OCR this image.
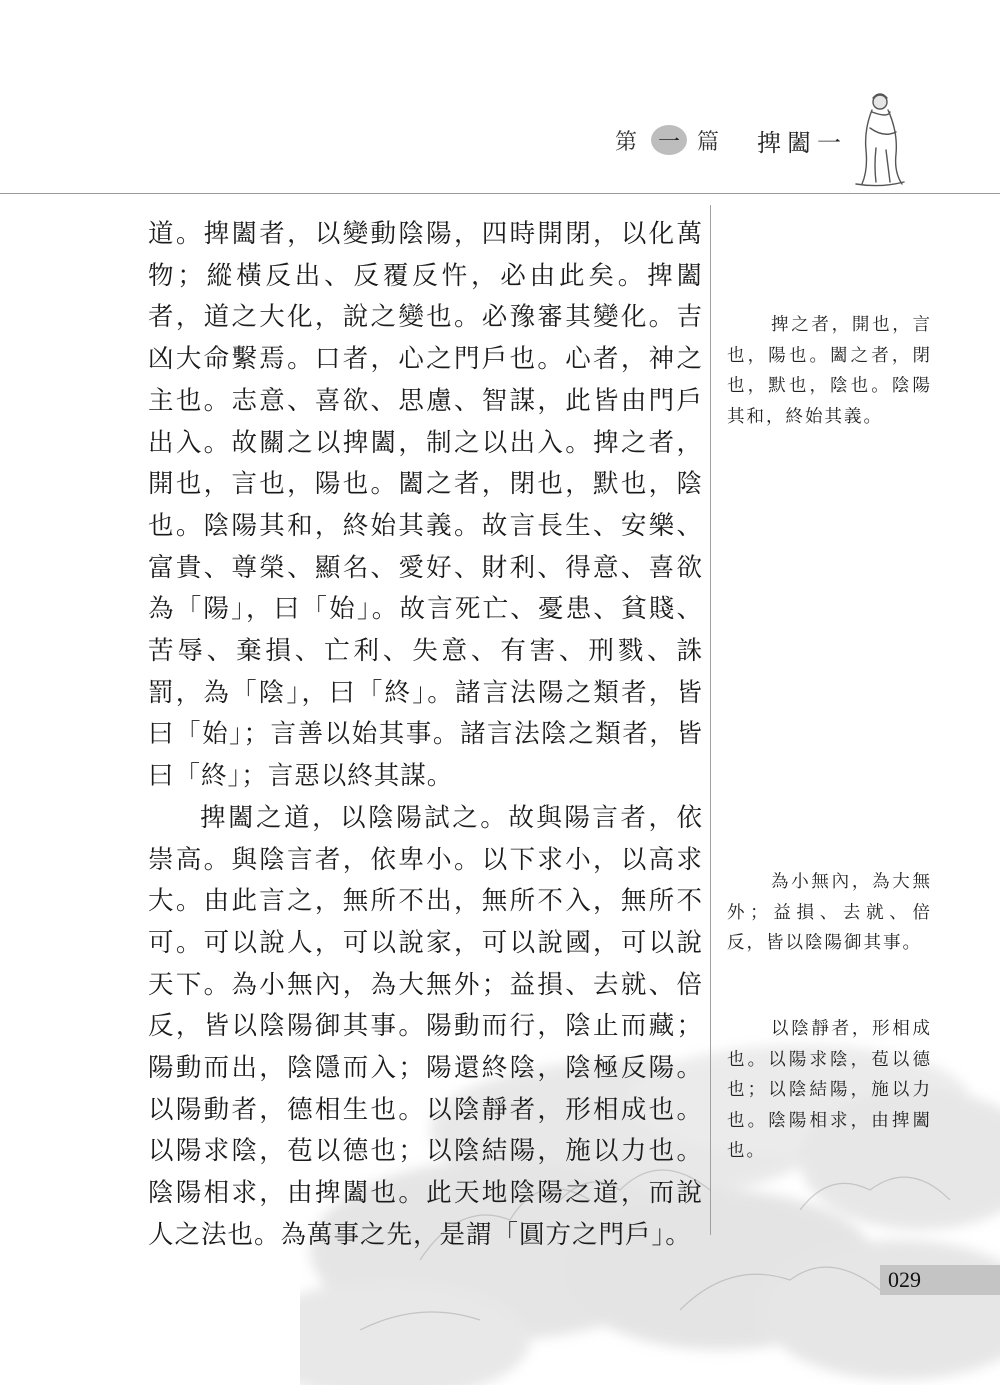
第 一 篇 捭闔一

道。捭闔者，以變動陰陽，四時開閉，以化萬物；縱橫反出、反覆反忤，必由此矣。捭闔者，道之大化，說之變也。必豫審其變化。吉凶大命繫焉。口者，心之門戶也。心者，神之主也。志意、喜欲、思慮、智謀，此皆由門戶出入。故關之以捭闔，制之以出入。捭之者，開也，言也，陽也。闔之者，閉也，默也，陰也。陰陽其和，終始其義。故言長生、安樂、富貴、尊榮、顯名、愛好、財利、得意、喜欲為「陽」，曰「始」。故言死亡、憂患、貧賤、苦辱、棄損、亡利、失意、有害、刑戮、誅罰，為「陰」，曰「終」。諸言法陽之類者，皆曰「始」；言善以始其事。諸言法陰之類者，皆曰「終」；言惡以終其謀。

捭闔之道，以陰陽試之。故與陽言者，依崇高。與陰言者，依卑小。以下求小，以高求大。由此言之，無所不出，無所不入，無所不可。可以說人，可以說家，可以說國，可以說天下。為小無內，為大無外；益損、去就、倍反，皆以陰陽御其事。陽動而行，陰止而藏；陽動而出，陰隱而入；陽還終陰，陰極反陽。以陽動者，德相生也。以陰靜者，形相成也。以陽求陰，苞以德也；以陰結陽，施以力也。陰陽相求，由捭闔也。此天地陰陽之道，而說人之法也。為萬事之先，是謂「圓方之門戶」。

捭之者，開也，言也，陽也。闔之者，閉也，默也，陰也。陰陽其和，終始其義。
為小無內，為大無外；益損、去就、倍反，皆以陰陽御其事。
以陰靜者，形相成也。以陽求陰，苞以德也；以陰結陽，施以力也。陰陽相求，由捭闔也。
029
